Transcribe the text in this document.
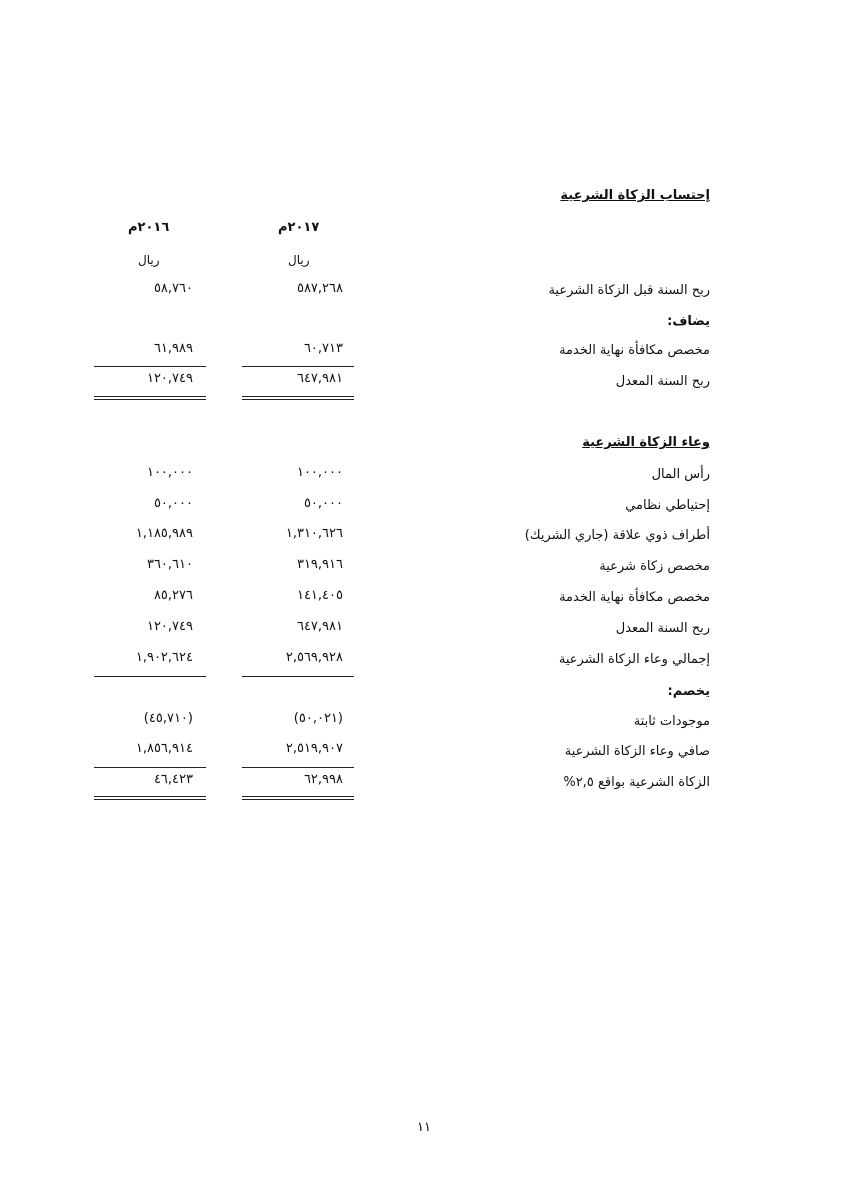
إحتساب الزكاة الشرعية
٢٠١٧م
٢٠١٦م
ريال
ريال
ربح السنة قبل الزكاة الشرعية
٥٨٧,٢٦٨
٥٨,٧٦٠
يضاف:
مخصص مكافأة نهاية الخدمة
٦٠,٧١٣
٦١,٩٨٩
ربح السنة المعدل
٦٤٧,٩٨١
١٢٠,٧٤٩
وعاء الزكاة الشرعية
رأس المال
١٠٠,٠٠٠
١٠٠,٠٠٠
إحتياطي نظامي
٥٠,٠٠٠
٥٠,٠٠٠
أطراف ذوي علاقة (جاري الشريك)
١,٣١٠,٦٢٦
١,١٨٥,٩٨٩
مخصص زكاة شرعية
٣١٩,٩١٦
٣٦٠,٦١٠
مخصص مكافأة نهاية الخدمة
١٤١,٤٠٥
٨٥,٢٧٦
ربح السنة المعدل
٦٤٧,٩٨١
١٢٠,٧٤٩
إجمالي وعاء الزكاة الشرعية
٢,٥٦٩,٩٢٨
١,٩٠٢,٦٢٤
يخصم:
موجودات ثابتة
(٥٠,٠٢١)
(٤٥,٧١٠)
صافي وعاء الزكاة الشرعية
٢,٥١٩,٩٠٧
١,٨٥٦,٩١٤
الزكاة الشرعية بواقع ٢,٥%
٦٢,٩٩٨
٤٦,٤٢٣
١١
